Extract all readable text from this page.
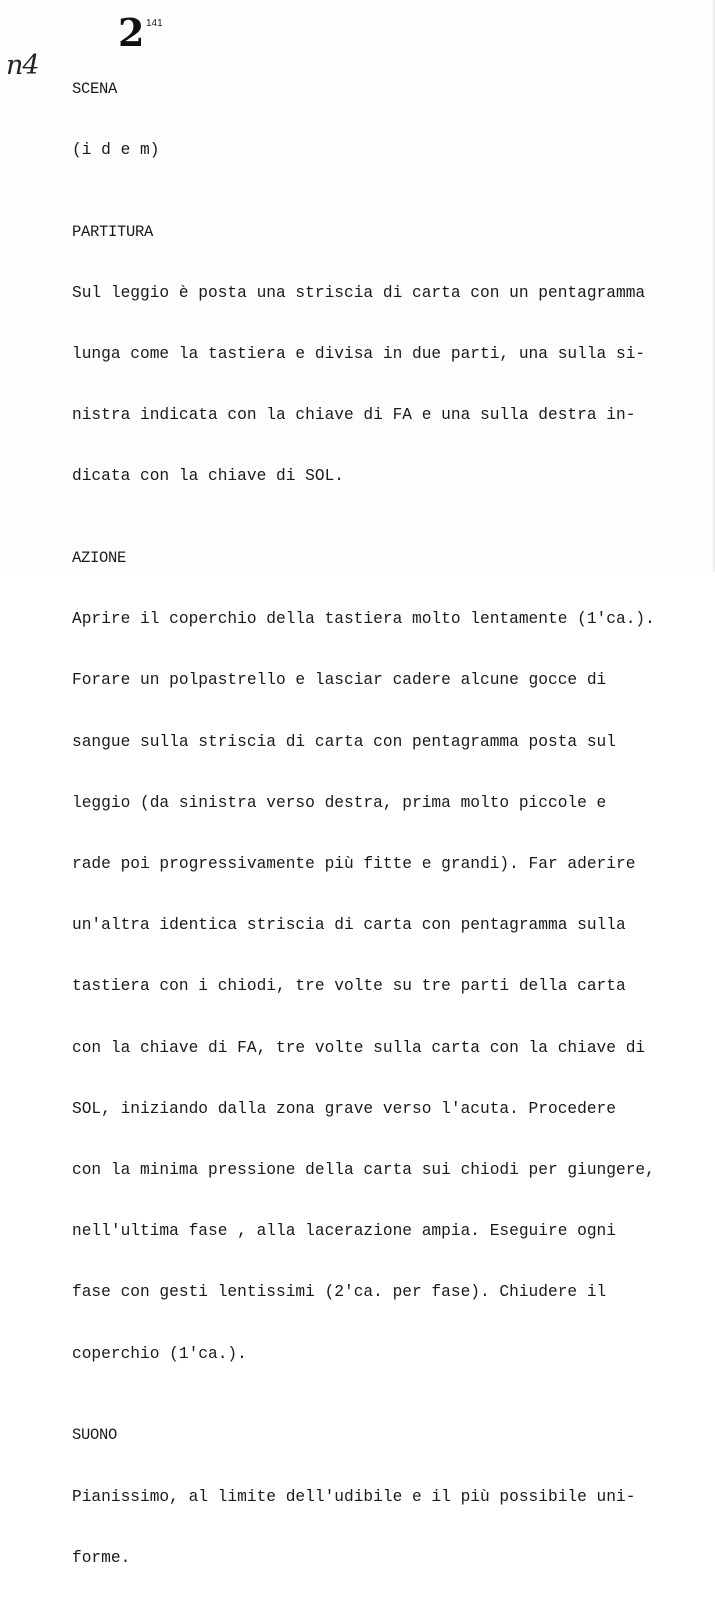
n4
2 141

SCENA

(i d e m)

PARTITURA

Sul leggio è posta una striscia di carta con un pentagramma

lunga come la tastiera e divisa in due parti, una sulla si-

nistra indicata con la chiave di FA e una sulla destra in-

dicata con la chiave di SOL.

AZIONE

Aprire il coperchio della tastiera molto lentamente (1'ca.).

Forare un polpastrello e lasciar cadere alcune gocce di

sangue sulla striscia di carta con pentagramma posta sul

leggio (da sinistra verso destra, prima molto piccole e

rade poi progressivamente più fitte e grandi). Far aderire

un'altra identica striscia di carta con pentagramma sulla

tastiera con i chiodi, tre volte su tre parti della carta

con la chiave di FA, tre volte sulla carta con la chiave di

SOL, iniziando dalla zona grave verso l'acuta. Procedere

con la minima pressione della carta sui chiodi per giungere,

nell'ultima fase , alla lacerazione ampia. Eseguire ogni

fase con gesti lentissimi (2'ca. per fase). Chiudere il

coperchio (1'ca.).

SUONO

Pianissimo, al limite dell'udibile e il più possibile uni-

forme.
